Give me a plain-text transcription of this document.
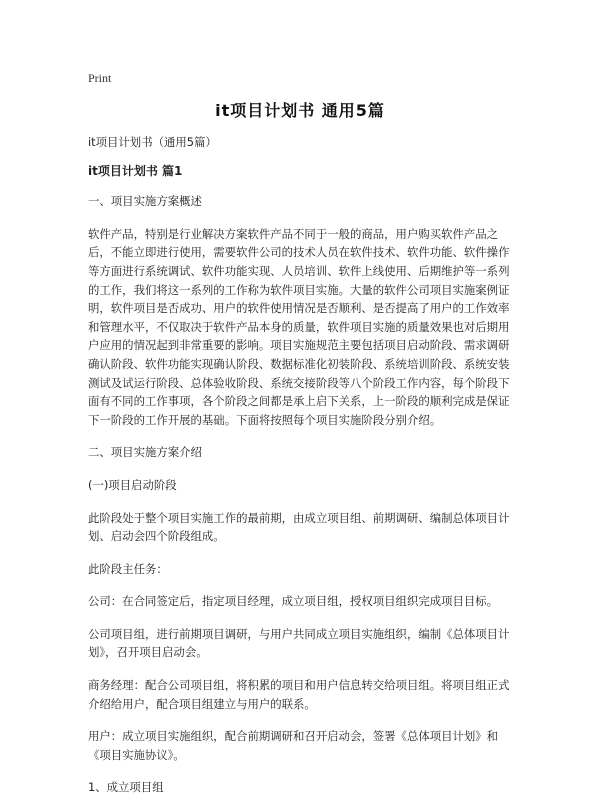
Print
it项目计划书 通用5篇

it项目计划书（通用5篇）

it项目计划书 篇1

一、项目实施方案概述

软件产品，特别是行业解决方案软件产品不同于一般的商品，用户购买软件产品之后，不能立即进行使用，需要软件公司的技术人员在软件技术、软件功能、软件操作等方面进行系统调试、软件功能实现、人员培训、软件上线使用、后期维护等一系列的工作，我们将这一系列的工作称为软件项目实施。大量的软件公司项目实施案例证明，软件项目是否成功、用户的软件使用情况是否顺利、是否提高了用户的工作效率和管理水平，不仅取决于软件产品本身的质量，软件项目实施的质量效果也对后期用户应用的情况起到非常重要的影响。项目实施规范主要包括项目启动阶段、需求调研确认阶段、软件功能实现确认阶段、数据标准化初装阶段、系统培训阶段、系统安装测试及试运行阶段、总体验收阶段、系统交接阶段等八个阶段工作内容，每个阶段下面有不同的工作事项，各个阶段之间都是承上启下关系，上一阶段的顺利完成是保证下一阶段的工作开展的基础。下面将按照每个项目实施阶段分别介绍。

二、项目实施方案介绍

(一)项目启动阶段

此阶段处于整个项目实施工作的最前期，由成立项目组、前期调研、编制总体项目计划、启动会四个阶段组成。

此阶段主任务：

公司：在合同签定后，指定项目经理，成立项目组，授权项目组织完成项目目标。

公司项目组，进行前期项目调研，与用户共同成立项目实施组织，编制《总体项目计划》，召开项目启动会。

商务经理：配合公司项目组，将积累的项目和用户信息转交给项目组。将项目组正式介绍给用户，配合项目组建立与用户的联系。

用户：成立项目实施组织，配合前期调研和召开启动会，签署《总体项目计划》和《项目实施协议》。

1、成立项目组
